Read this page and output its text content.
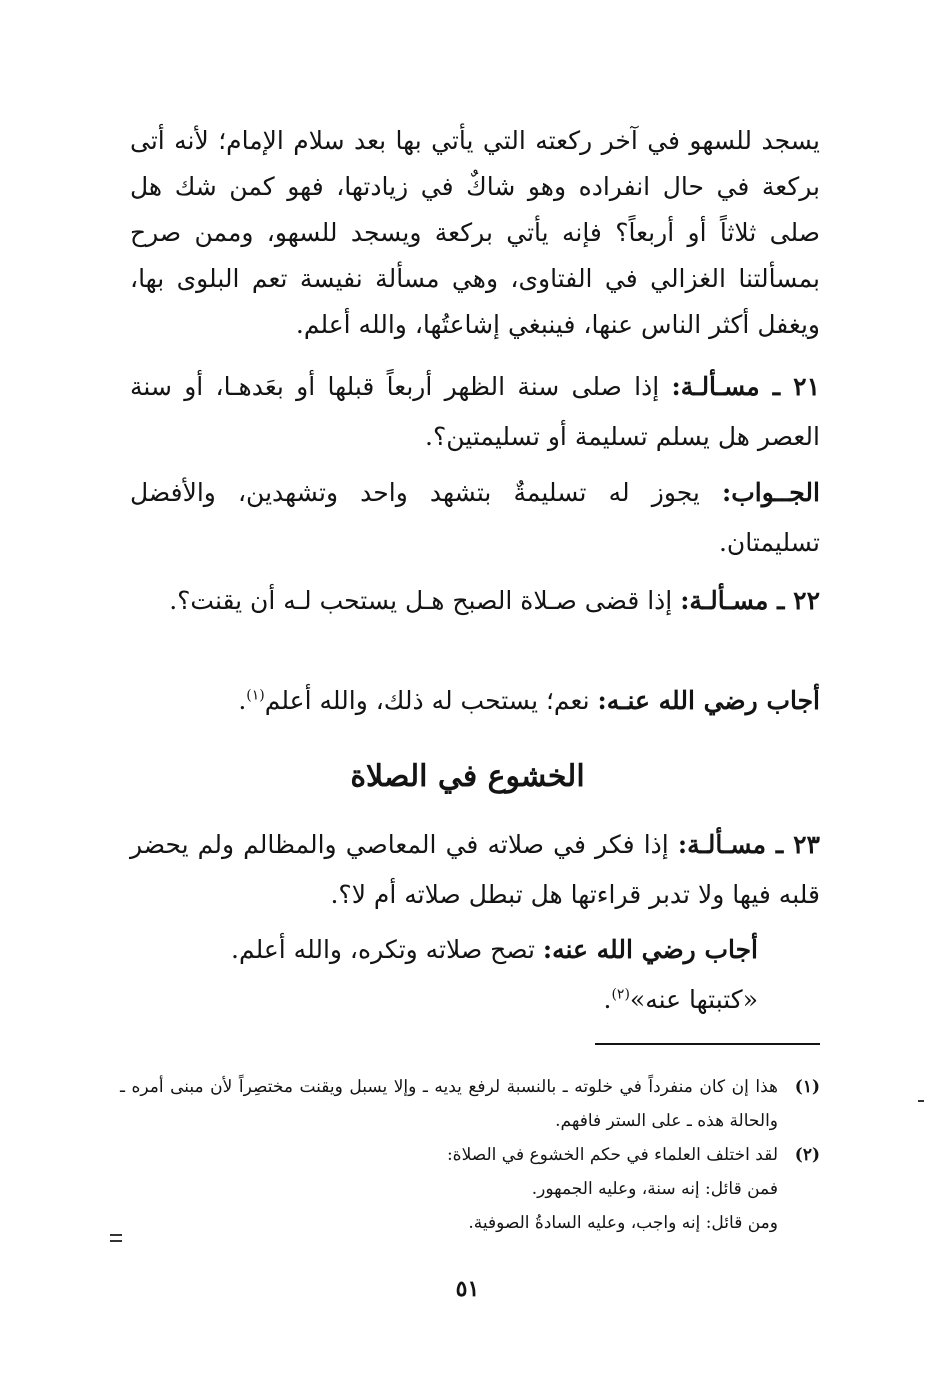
يسجد للسهو في آخر ركعته التي يأتي بها بعد سلام الإمام؛ لأنه أتى بركعة في حال انفراده وهو شاكٌ في زيادتها، فهو كمن شك هل صلى ثلاثاً أو أربعاً؟ فإنه يأتي بركعة ويسجد للسهو، وممن صرح بمسألتنا الغزالي في الفتاوى، وهي مسألة نفيسة تعم البلوى بها، ويغفل أكثر الناس عنها، فينبغي إشاعتُها، والله أعلم.
٢١ ـ مسـألـة: إذا صلى سنة الظهر أربعاً قبلها أو بعَدهـا، أو سنة العصر هل يسلم تسليمة أو تسليمتين؟.
الجــواب: يجوز له تسليمةٌ بتشهد واحد وتشهدين، والأفضل تسليمتان.
٢٢ ـ مسـألـة: إذا قضى صـلاة الصبح هـل يستحب لـه أن يقنت؟.
أجاب رضي الله عنـه: نعم؛ يستحب له ذلك، والله أعلم$^{(١)}$.
الخشوع في الصلاة
٢٣ ـ مسـألـة: إذا فكر في صلاته في المعاصي والمظالم ولم يحضر قلبه فيها ولا تدبر قراءتها هل تبطل صلاته أم لا؟.
أجاب رضي الله عنه: تصح صلاته وتكره، والله أعلم.
«كتبتها عنه»$^{(٢)}$.
(١)
هذا إن كان منفرداً في خلوته ـ بالنسبة لرفع يديه ـ وإلا يسبل ويقنت مختصِراً لأن مبنى أمره ـ والحالة هذه ـ على الستر فافهم.
(٢)
لقد اختلف العلماء في حكم الخشوع في الصلاة:
فمن قائل: إنه سنة، وعليه الجمهور.
ومن قائل: إنه واجب، وعليه السادةُ الصوفية.
٥١
